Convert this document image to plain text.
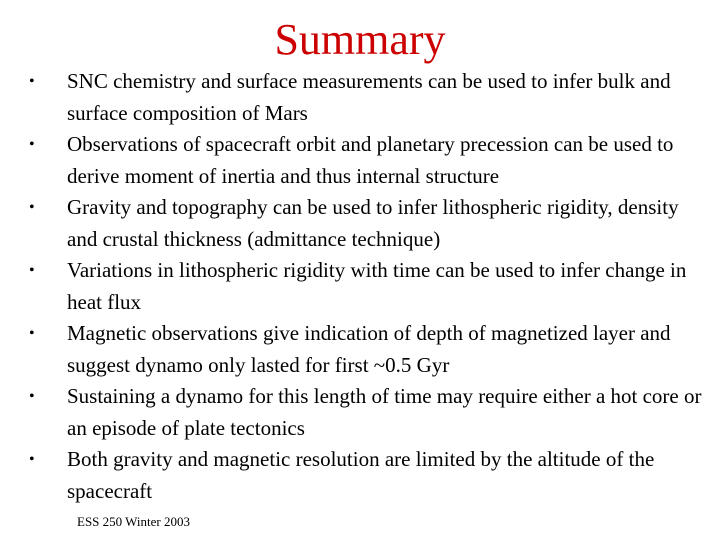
Summary
• SNC chemistry and surface measurements can be used to infer bulk and surface composition of Mars
• Observations of spacecraft orbit and planetary precession can be used to derive moment of inertia and thus internal structure
• Gravity and topography can be used to infer lithospheric rigidity, density and crustal thickness (admittance technique)
• Variations in lithospheric rigidity with time can be used to infer change in heat flux
• Magnetic observations give indication of depth of magnetized layer and suggest dynamo only lasted for first ~0.5 Gyr
• Sustaining a dynamo for this length of time may require either a hot core or an episode of plate tectonics
• Both gravity and magnetic resolution are limited by the altitude of the spacecraft
ESS 250 Winter 2003
